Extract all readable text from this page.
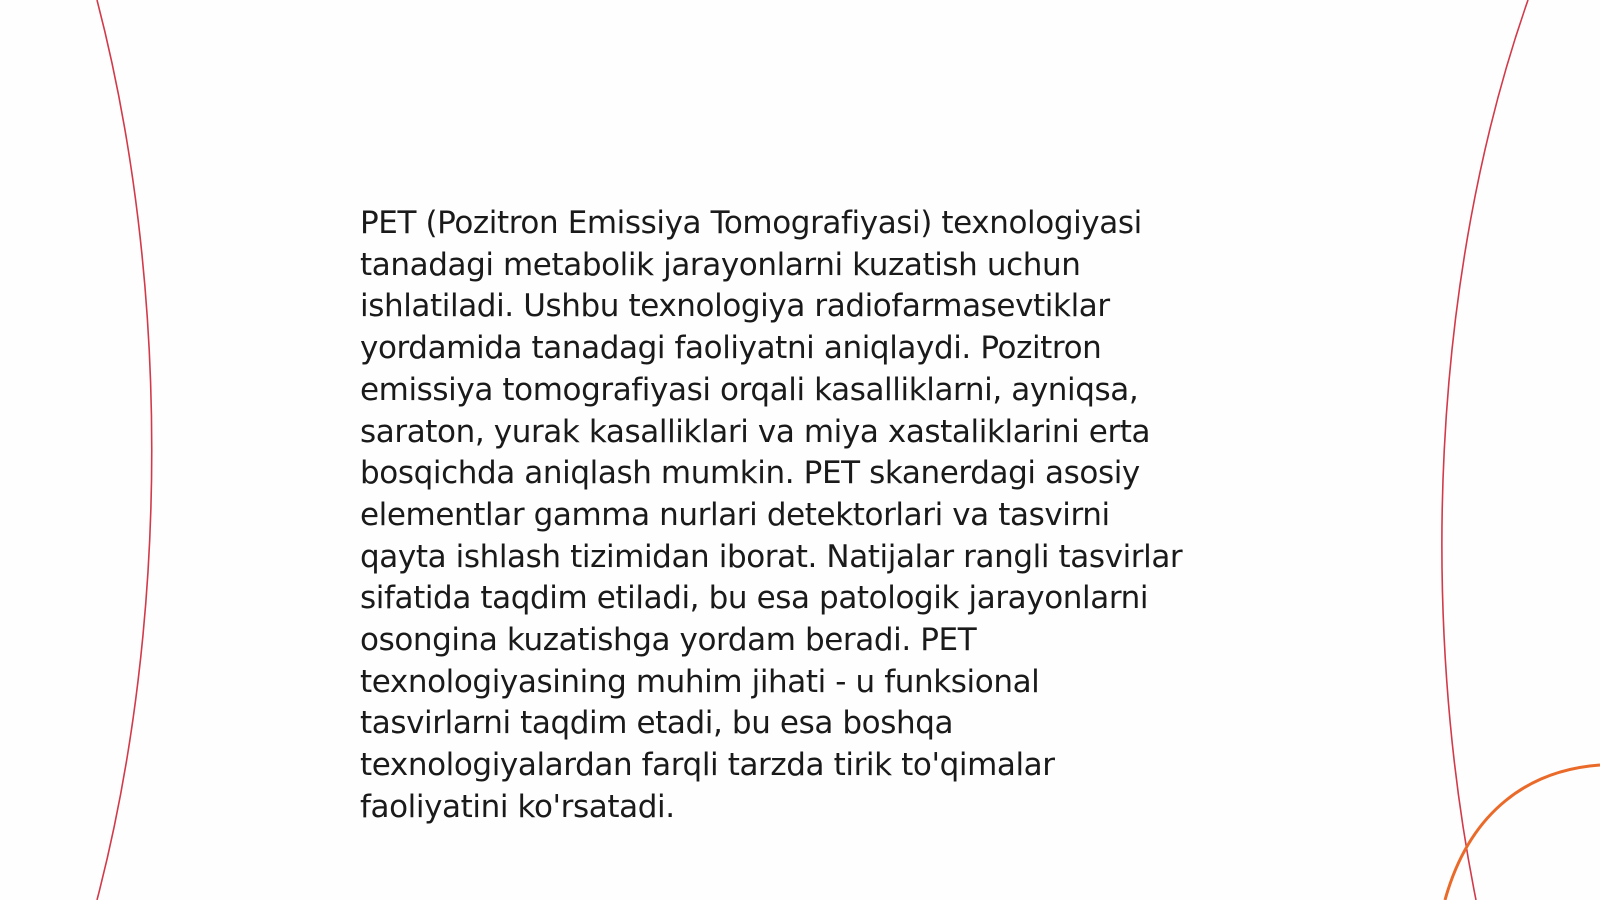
PET (Pozitron Emissiya Tomografiyasi) texnologiyasi
tanadagi metabolik jarayonlarni kuzatish uchun
ishlatiladi. Ushbu texnologiya radiofarmasevtiklar
yordamida tanadagi faoliyatni aniqlaydi. Pozitron
emissiya tomografiyasi orqali kasalliklarni, ayniqsa,
saraton, yurak kasalliklari va miya xastaliklarini erta
bosqichda aniqlash mumkin. PET skanerdagi asosiy
elementlar gamma nurlari detektorlari va tasvirni
qayta ishlash tizimidan iborat. Natijalar rangli tasvirlar
sifatida taqdim etiladi, bu esa patologik jarayonlarni
osongina kuzatishga yordam beradi. PET
texnologiyasining muhim jihati - u funksional
tasvirlarni taqdim etadi, bu esa boshqa
texnologiyalardan farqli tarzda tirik to'qimalar
faoliyatini ko'rsatadi.
